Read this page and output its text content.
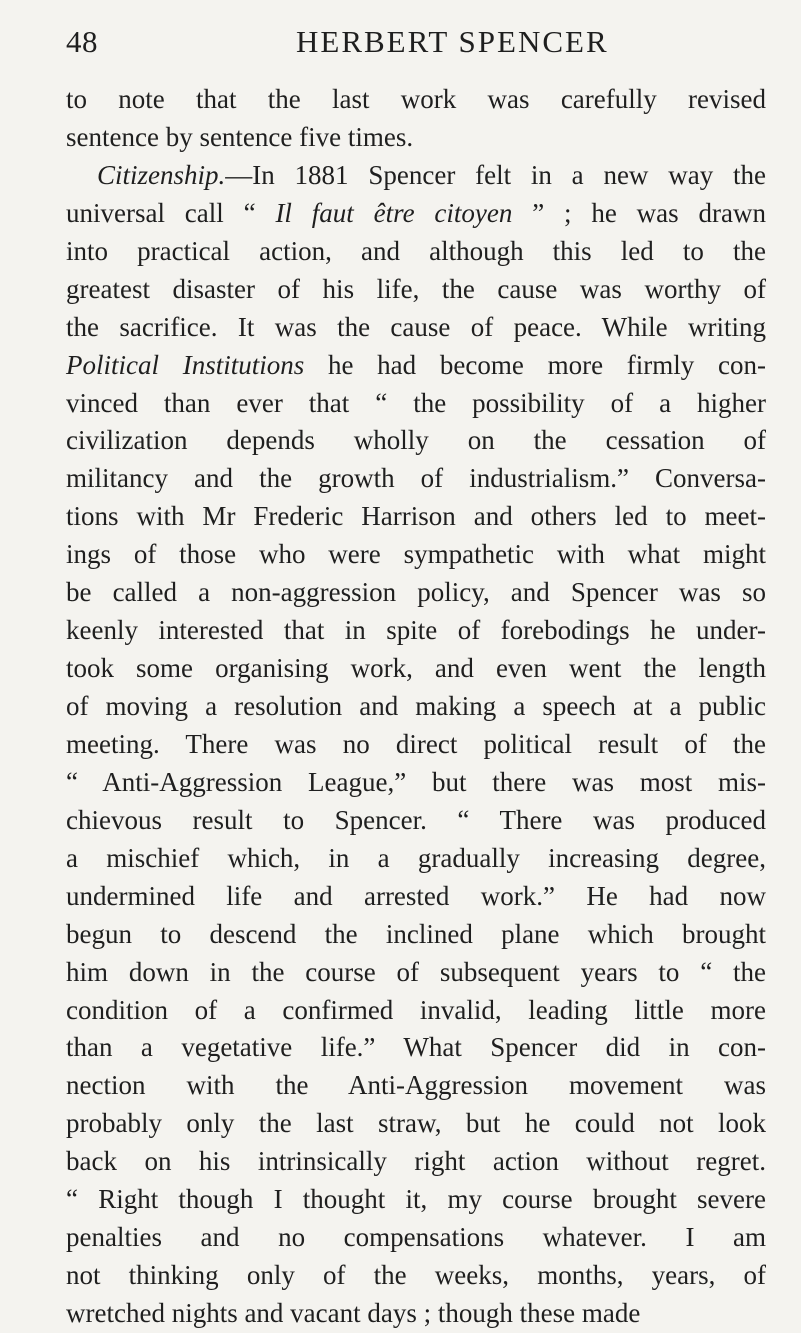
48	HERBERT SPENCER
to note that the last work was carefully revised
sentence by sentence five times.
Citizenship.—In 1881 Spencer felt in a new way the
universal call “ Il faut être citoyen ” ; he was drawn
into practical action, and although this led to the
greatest disaster of his life, the cause was worthy of
the sacrifice. It was the cause of peace. While writing
Political Institutions he had become more firmly con-
vinced than ever that “ the possibility of a higher
civilization depends wholly on the cessation of
militancy and the growth of industrialism.” Conversa-
tions with Mr Frederic Harrison and others led to meet-
ings of those who were sympathetic with what might
be called a non-aggression policy, and Spencer was so
keenly interested that in spite of forebodings he under-
took some organising work, and even went the length
of moving a resolution and making a speech at a public
meeting. There was no direct political result of the
“ Anti-Aggression League,” but there was most mis-
chievous result to Spencer. “ There was produced
a mischief which, in a gradually increasing degree,
undermined life and arrested work.” He had now
begun to descend the inclined plane which brought
him down in the course of subsequent years to “ the
condition of a confirmed invalid, leading little more
than a vegetative life.” What Spencer did in con-
nection with the Anti-Aggression movement was
probably only the last straw, but he could not look
back on his intrinsically right action without regret.
“ Right though I thought it, my course brought severe
penalties and no compensations whatever. I am
not thinking only of the weeks, months, years, of
wretched nights and vacant days ; though these made
